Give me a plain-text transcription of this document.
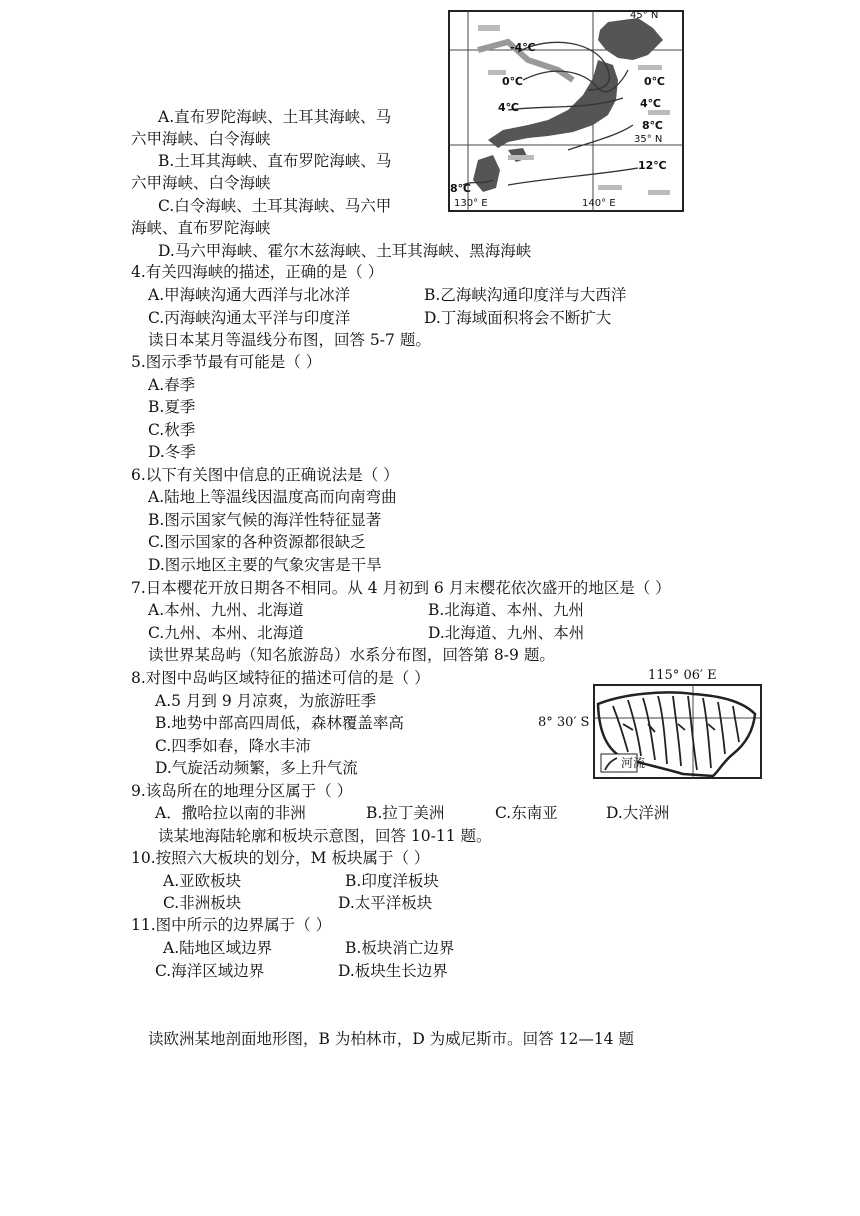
45° N
35° N
130° E	140° E
-4℃
0℃	0℃
4℃	4℃
8℃
12℃
8℃
A.直布罗陀海峡、土耳其海峡、马
六甲海峡、白令海峡
B.土耳其海峡、直布罗陀海峡、马
六甲海峡、白令海峡
C.白令海峡、土耳其海峡、马六甲
海峡、直布罗陀海峡
D.马六甲海峡、霍尔木兹海峡、土耳其海峡、黑海海峡
4.有关四海峡的描述，正确的是（ ）
A.甲海峡沟通大西洋与北冰洋	B.乙海峡沟通印度洋与大西洋
C.丙海峡沟通太平洋与印度洋	D.丁海域面积将会不断扩大
读日本某月等温线分布图，回答 5-7 题。
5.图示季节最有可能是（ ）
A.春季
B.夏季
C.秋季
D.冬季
6.以下有关图中信息的正确说法是（ ）
A.陆地上等温线因温度高而向南弯曲
B.图示国家气候的海洋性特征显著
C.图示国家的各种资源都很缺乏
D.图示地区主要的气象灾害是干旱
7.日本樱花开放日期各不相同。从 4 月初到 6 月末樱花依次盛开的地区是（ ）
A.本州、九州、北海道	B.北海道、本州、九州
C.九州、本州、北海道	D.北海道、九州、本州
读世界某岛屿（知名旅游岛）水系分布图，回答第 8-9 题。
115° 06′ E
8° 30′ S
河流
8.对图中岛屿区域特征的描述可信的是（ ）
A.5 月到 9 月凉爽，为旅游旺季
B.地势中部高四周低，森林覆盖率高
C.四季如春，降水丰沛
D.气旋活动频繁，多上升气流
9.该岛所在的地理分区属于（ ）
A．撒哈拉以南的非洲	B.拉丁美洲	C.东南亚	D.大洋洲
读某地海陆轮廓和板块示意图，回答 10-11 题。
10.按照六大板块的划分，M 板块属于（ ）
A.亚欧板块	B.印度洋板块
C.非洲板块	D.太平洋板块
11.图中所示的边界属于（ ）
A.陆地区域边界	B.板块消亡边界
C.海洋区域边界	D.板块生长边界
读欧洲某地剖面地形图，B 为柏林市，D 为威尼斯市。回答 12—14 题
